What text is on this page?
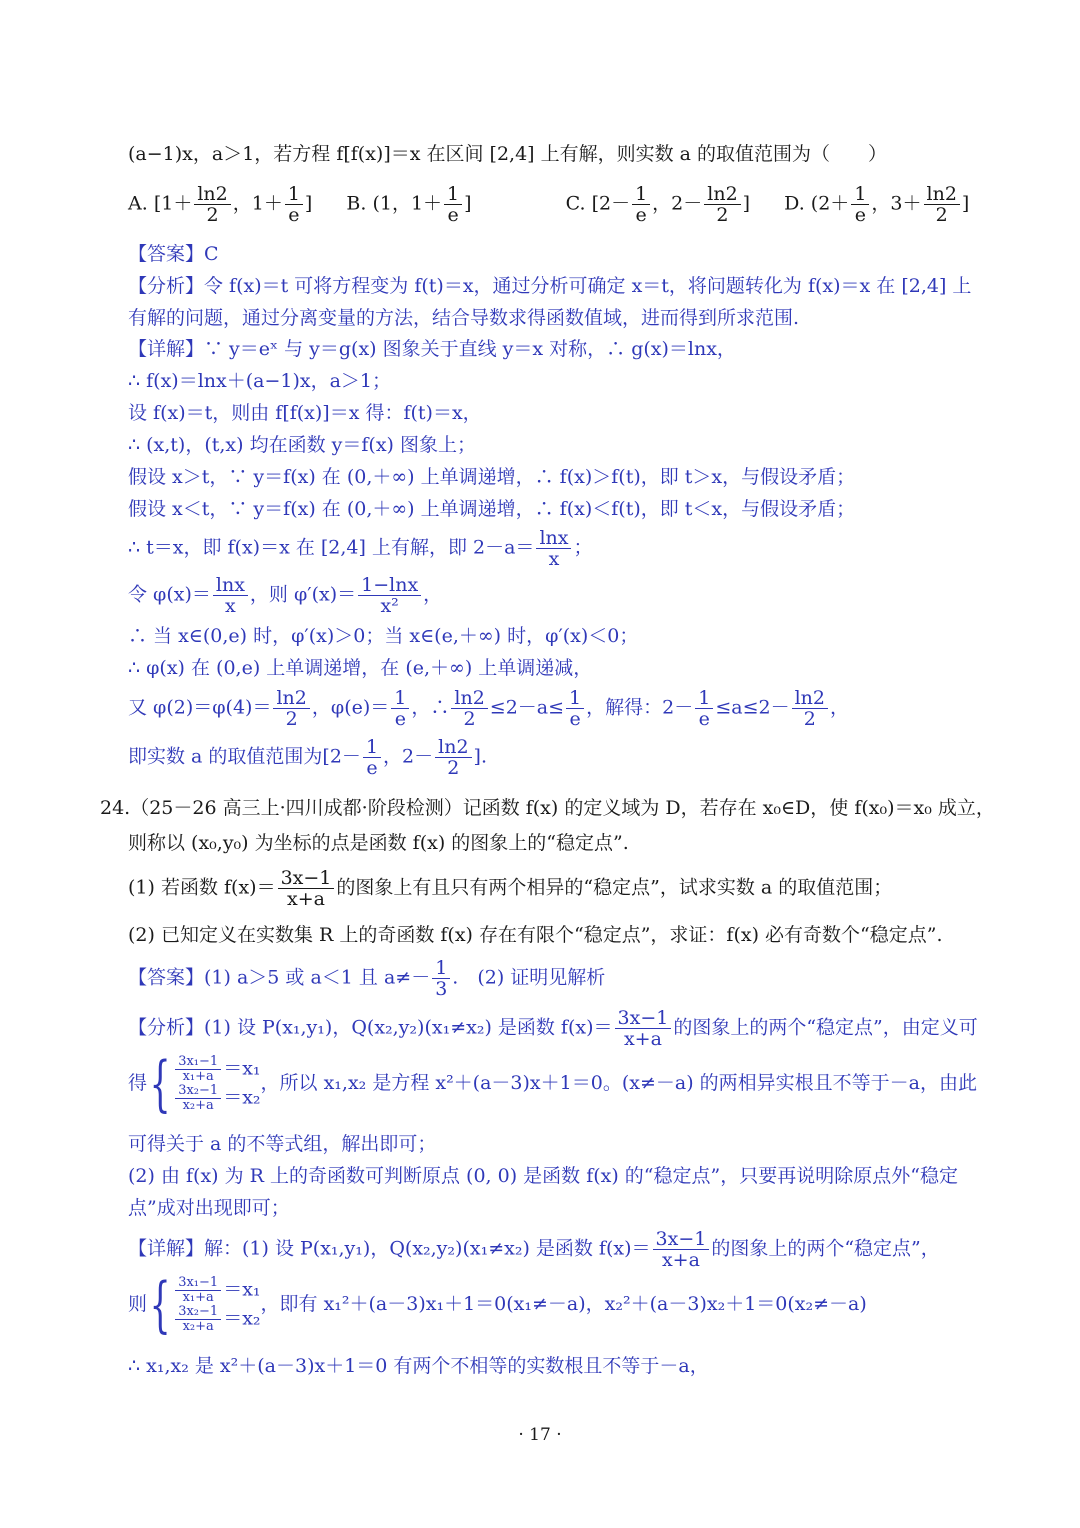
(a−1)x，a＞1，若方程 f[f(x)]＝x 在区间 [2,4] 上有解，则实数 a 的取值范围为（　　）
A. [$1+ \frac{\ln 2}{2}$ ，$1+ \frac{1}{e}$ ] B. (1，$1+ \frac{1}{e}$ ]	C. [$2- \frac{1}{e}$ ，$2- \frac{\ln 2}{2}$ ] D. ($2+ \frac{1}{e}$ ，$3+ \frac{\ln 2}{2}$ ]
【答案】C
【分析】令 f(x)＝t 可将方程变为 f(t)＝x，通过分析可确定 x＝t，将问题转化为 f(x)＝x 在 [2,4] 上
有解的问题，通过分离变量的方法，结合导数求得函数值域，进而得到所求范围.
【详解】∵ y＝eˣ 与 y＝g(x) 图象关于直线 y＝x 对称，∴ g(x)＝lnx，
∴ f(x)＝lnx＋(a−1)x，a＞1；
设 f(x)＝t，则由 f[f(x)]＝x 得：f(t)＝x，
∴ (x,t)，(t,x) 均在函数 y＝f(x) 图象上；
假设 x＞t，∵ y＝f(x) 在 (0,＋∞) 上单调递增，∴ f(x)＞f(t)，即 t＞x，与假设矛盾；
假设 x＜t，∵ y＝f(x) 在 (0,＋∞) 上单调递增，∴ f(x)＜f(t)，即 t＜x，与假设矛盾；
∴ t＝x，即 f(x)＝x 在 [2,4] 上有解，即 $2-a= \frac{\ln x}{x}$ ；
令 $\varphi(x)= \frac{\ln x}{x}$ ，则 $\varphi'(x)= \frac{1-\ln x}{\text{x²}}$ ，
∴ 当 x∈(0,e) 时，φ′(x)＞0；当 x∈(e,＋∞) 时，φ′(x)＜0；
∴ φ(x) 在 (0,e) 上单调递增，在 (e,＋∞) 上单调递减，
又 $\varphi(2)=\varphi(4)= \frac{\ln 2}{2}$ ，$\varphi(e)= \frac{1}{e}$ ，∴ $\frac{\ln 2}{2} \le 2-a\le \frac{1}{e}$ ，解得：$2- \frac{1}{e} \le a\le 2- \frac{\ln 2}{2}$ ，
即实数 a 的取值范围为[$2- \frac{1}{e}$ ，$2- \frac{\ln 2}{2}$ ].
24.（25－26 高三上·四川成都·阶段检测）记函数 f(x) 的定义域为 D，若存在 x₀∈D，使 f(x₀)＝x₀ 成立，
则称以 (x₀,y₀) 为坐标的点是函数 f(x) 的图象上的“稳定点”.
(1) 若函数 $f(x)= \frac{3x-1}{x+a}$ 的图象上有且只有两个相异的“稳定点”，试求实数 a 的取值范围；
(2) 已知定义在实数集 R 上的奇函数 f(x) 存在有限个“稳定点”，求证：f(x) 必有奇数个“稳定点”.
【答案】(1) a＞5 或 a＜1 且 $a\ne- \frac{1}{3}$ .　(2) 证明见解析
【分析】(1) 设 P(x₁,y₁)，Q(x₂,y₂)(x₁≠x₂) 是函数 $f(x)= \frac{3x-1}{x+a}$ 的图象上的两个“稳定点”，由定义可
得{ $\frac{\text{3x₁−1}}{\text{x₁+a}} =x_1$
$\frac{\text{3x₂−1}}{\text{x₂+a}} =x_2$
，所以 x₁,x₂ 是方程 x²＋(a－3)x＋1＝0。(x≠－a) 的两相异实根且不等于－a，由此
可得关于 a 的不等式组，解出即可；
(2) 由 f(x) 为 R 上的奇函数可判断原点 (0, 0) 是函数 f(x) 的“稳定点”，只要再说明除原点外“稳定
点”成对出现即可；
【详解】解：(1) 设 P(x₁,y₁)，Q(x₂,y₂)(x₁≠x₂) 是函数 $f(x)= \frac{3x-1}{x+a}$ 的图象上的两个“稳定点”，
则{ $\frac{\text{3x₁−1}}{\text{x₁+a}} =x_1$
$\frac{\text{3x₂−1}}{\text{x₂+a}} =x_2$
，即有 x₁²＋(a－3)x₁＋1＝0(x₁≠－a)，x₂²＋(a－3)x₂＋1＝0(x₂≠－a)
∴ x₁,x₂ 是 x²＋(a－3)x＋1＝0 有两个不相等的实数根且不等于－a，
· 17 ·
